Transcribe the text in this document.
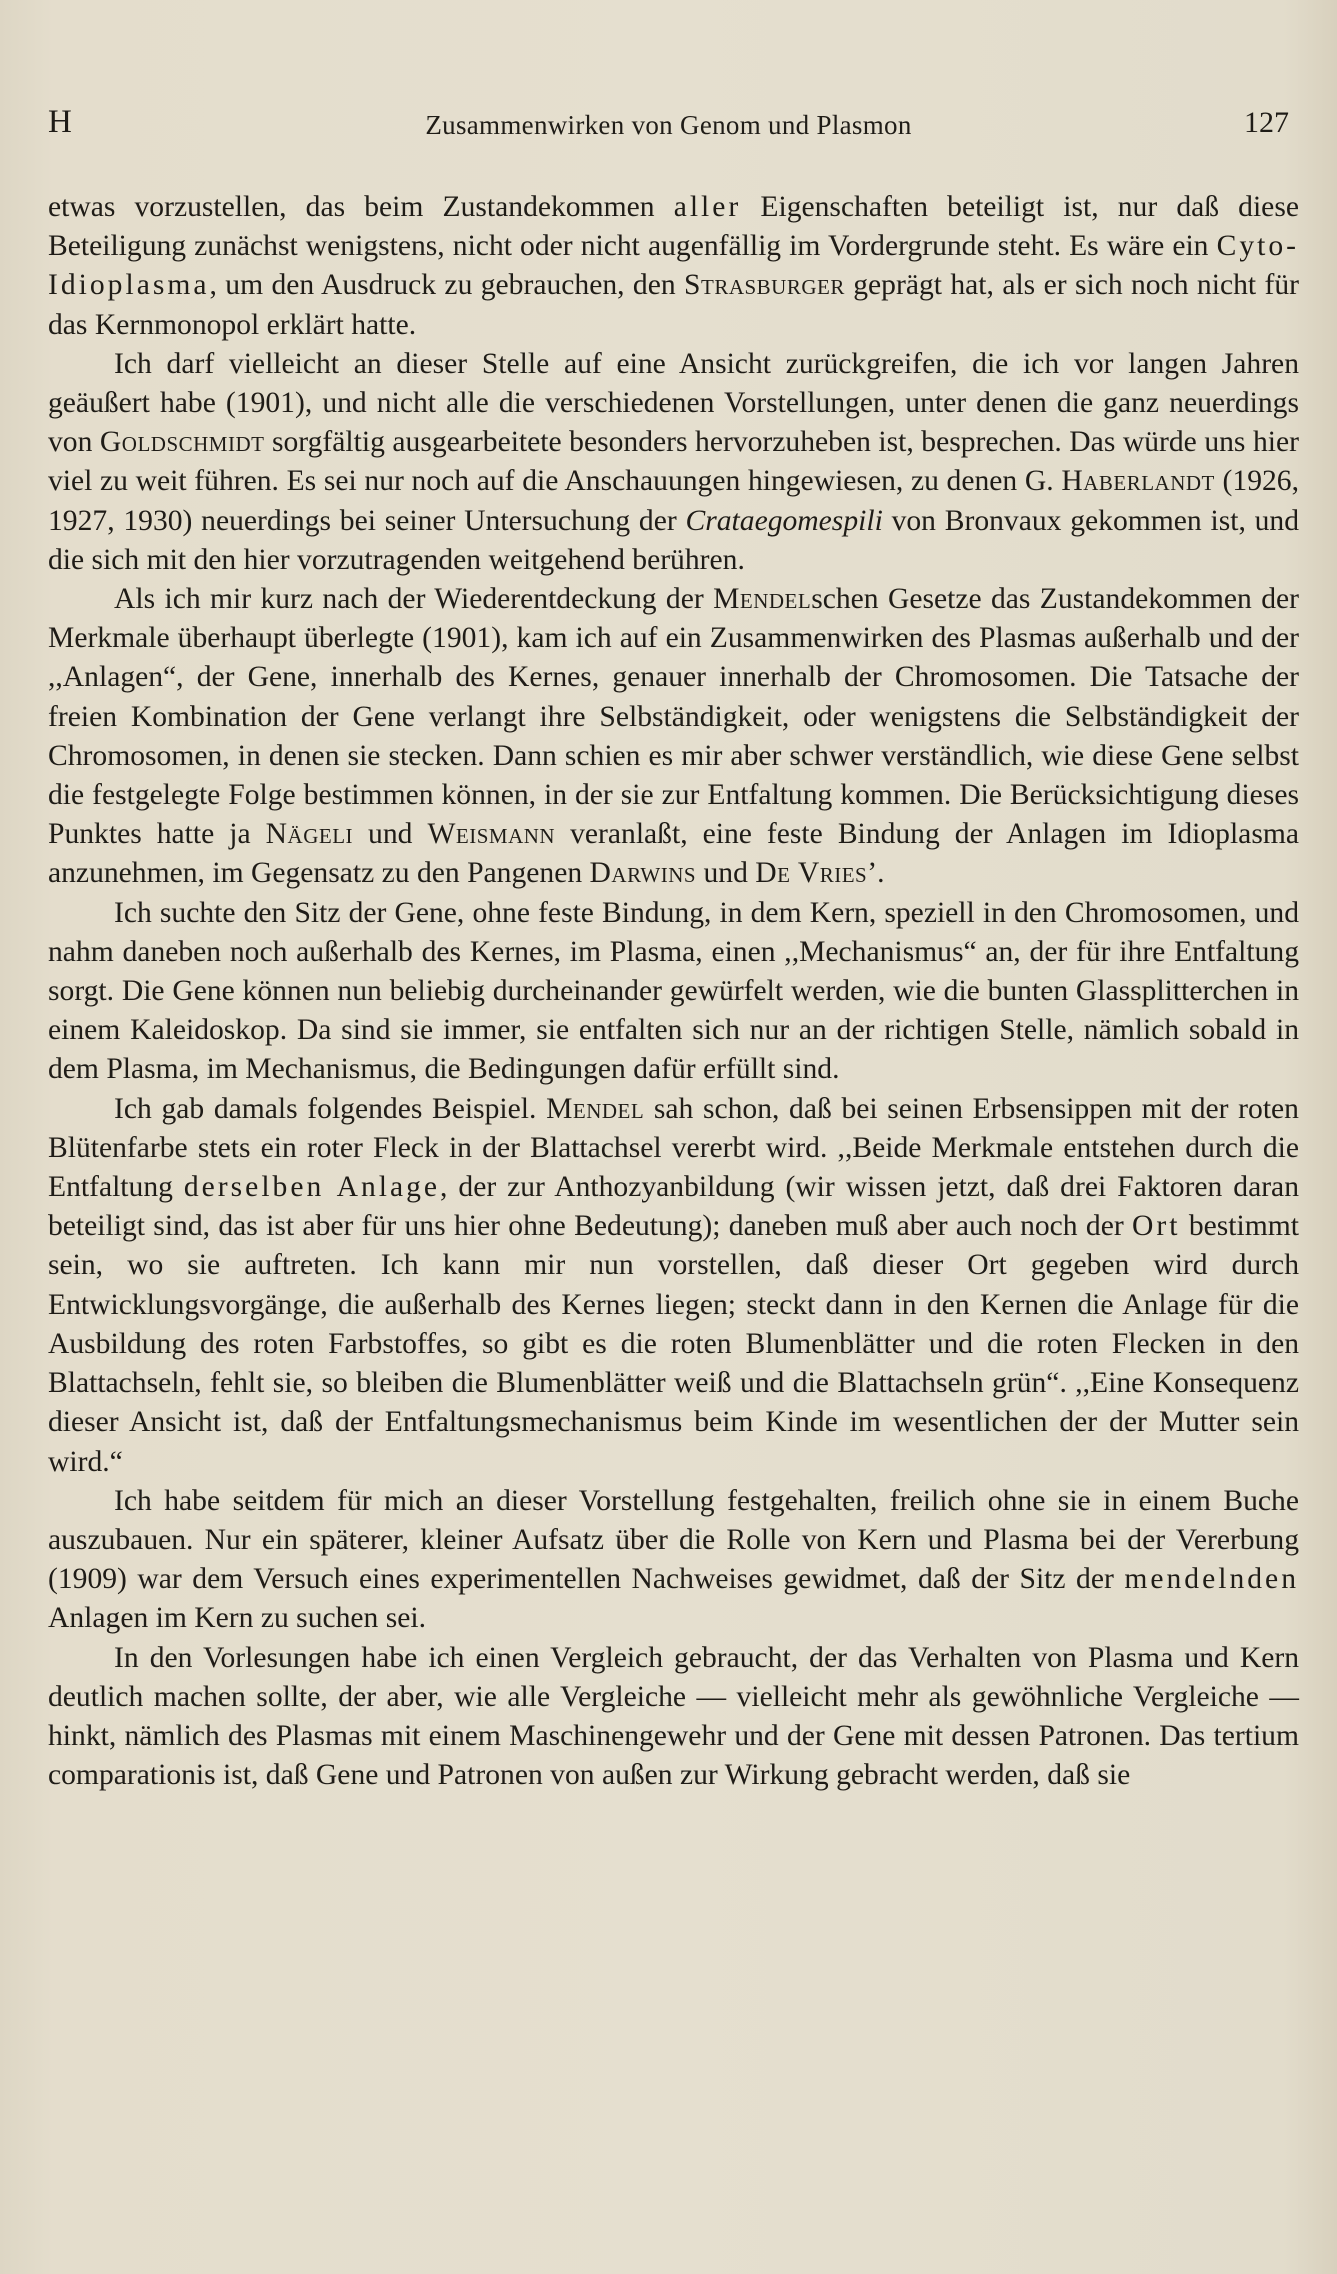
H	Zusammenwirken von Genom und Plasmon	127

etwas vorzustellen, das beim Zustandekommen aller Eigenschaften beteiligt ist, nur daß diese Beteiligung zunächst wenigstens, nicht oder nicht augenfällig im Vordergrunde steht. Es wäre ein Cyto-Idioplasma, um den Ausdruck zu gebrauchen, den Strasburger geprägt hat, als er sich noch nicht für das Kernmonopol erklärt hatte.

Ich darf vielleicht an dieser Stelle auf eine Ansicht zurückgreifen, die ich vor langen Jahren geäußert habe (1901), und nicht alle die verschiedenen Vorstellungen, unter denen die ganz neuerdings von Goldschmidt sorgfältig ausgearbeitete besonders hervorzuheben ist, besprechen. Das würde uns hier viel zu weit führen. Es sei nur noch auf die Anschauungen hingewiesen, zu denen G. Haberlandt (1926, 1927, 1930) neuerdings bei seiner Untersuchung der Crataegomespili von Bronvaux gekommen ist, und die sich mit den hier vorzutragenden weitgehend berühren.

Als ich mir kurz nach der Wiederentdeckung der Mendelschen Gesetze das Zustandekommen der Merkmale überhaupt überlegte (1901), kam ich auf ein Zusammenwirken des Plasmas außerhalb und der ,,Anlagen“, der Gene, innerhalb des Kernes, genauer innerhalb der Chromosomen. Die Tatsache der freien Kombination der Gene verlangt ihre Selbständigkeit, oder wenigstens die Selbständigkeit der Chromosomen, in denen sie stecken. Dann schien es mir aber schwer verständlich, wie diese Gene selbst die festgelegte Folge bestimmen können, in der sie zur Entfaltung kommen. Die Berücksichtigung dieses Punktes hatte ja Nägeli und Weismann veranlaßt, eine feste Bindung der Anlagen im Idioplasma anzunehmen, im Gegensatz zu den Pangenen Darwins und De Vries’.

Ich suchte den Sitz der Gene, ohne feste Bindung, in dem Kern, speziell in den Chromosomen, und nahm daneben noch außerhalb des Kernes, im Plasma, einen ,,Mechanismus“ an, der für ihre Entfaltung sorgt. Die Gene können nun beliebig durcheinander gewürfelt werden, wie die bunten Glassplitterchen in einem Kaleidoskop. Da sind sie immer, sie entfalten sich nur an der richtigen Stelle, nämlich sobald in dem Plasma, im Mechanismus, die Bedingungen dafür erfüllt sind.

Ich gab damals folgendes Beispiel. Mendel sah schon, daß bei seinen Erbsensippen mit der roten Blütenfarbe stets ein roter Fleck in der Blattachsel vererbt wird. ,,Beide Merkmale entstehen durch die Entfaltung derselben Anlage, der zur Anthozyanbildung (wir wissen jetzt, daß drei Faktoren daran beteiligt sind, das ist aber für uns hier ohne Bedeutung); daneben muß aber auch noch der Ort bestimmt sein, wo sie auftreten. Ich kann mir nun vorstellen, daß dieser Ort gegeben wird durch Entwicklungsvorgänge, die außerhalb des Kernes liegen; steckt dann in den Kernen die Anlage für die Ausbildung des roten Farbstoffes, so gibt es die roten Blumenblätter und die roten Flecken in den Blattachseln, fehlt sie, so bleiben die Blumenblätter weiß und die Blattachseln grün“. ,,Eine Konsequenz dieser Ansicht ist, daß der Entfaltungsmechanismus beim Kinde im wesentlichen der der Mutter sein wird.“

Ich habe seitdem für mich an dieser Vorstellung festgehalten, freilich ohne sie in einem Buche auszubauen. Nur ein späterer, kleiner Aufsatz über die Rolle von Kern und Plasma bei der Vererbung (1909) war dem Versuch eines experimentellen Nachweises gewidmet, daß der Sitz der mendelnden Anlagen im Kern zu suchen sei.

In den Vorlesungen habe ich einen Vergleich gebraucht, der das Verhalten von Plasma und Kern deutlich machen sollte, der aber, wie alle Vergleiche — vielleicht mehr als gewöhnliche Vergleiche — hinkt, nämlich des Plasmas mit einem Maschinengewehr und der Gene mit dessen Patronen. Das tertium comparationis ist, daß Gene und Patronen von außen zur Wirkung gebracht werden, daß sie
